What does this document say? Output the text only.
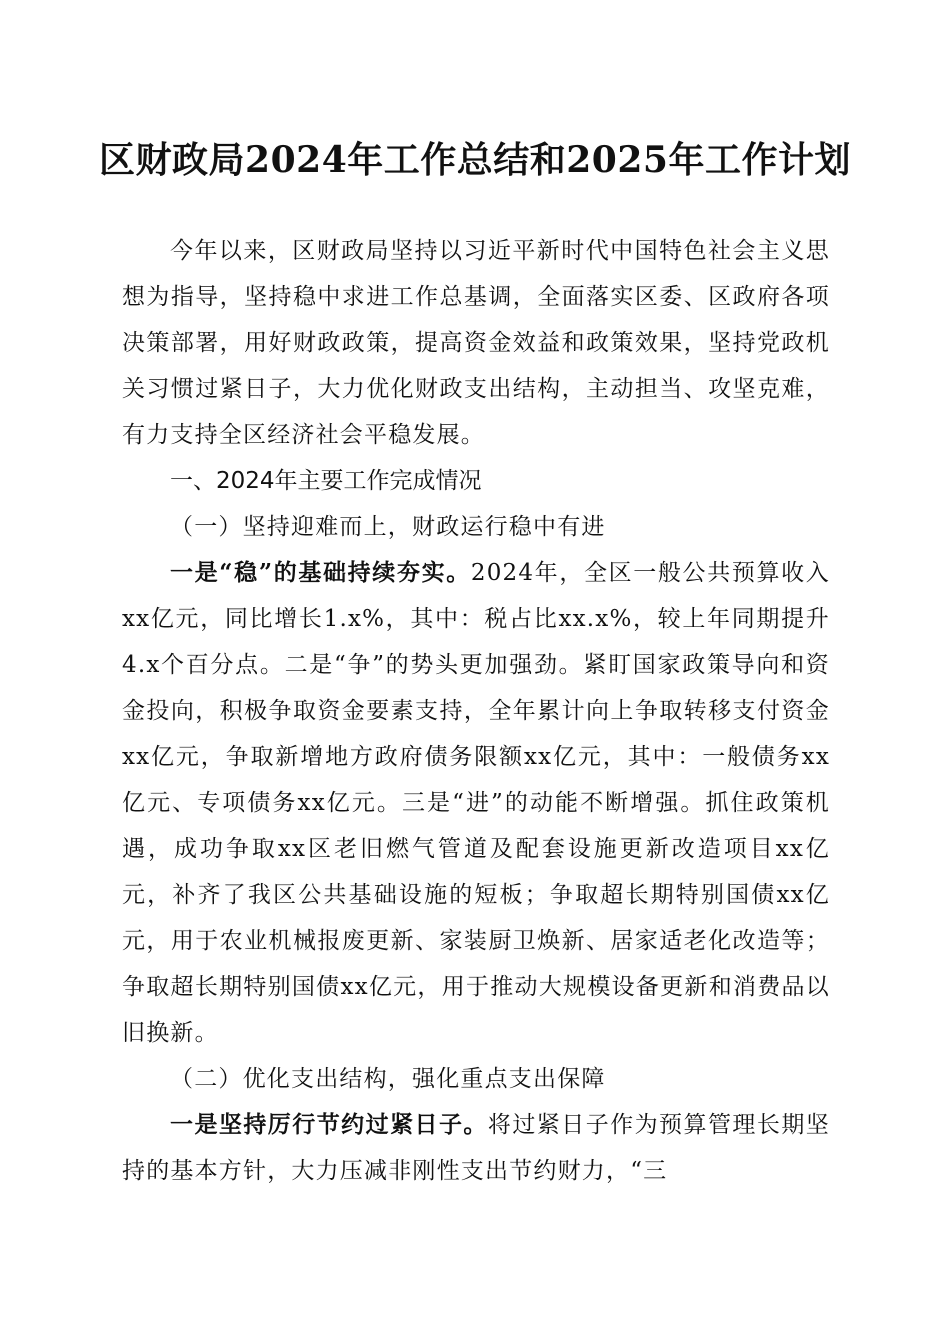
区财政局2024年工作总结和2025年工作计划

今年以来，区财政局坚持以习近平新时代中国特色社会主义思想为指导，坚持稳中求进工作总基调，全面落实区委、区政府各项决策部署，用好财政政策，提高资金效益和政策效果，坚持党政机关习惯过紧日子，大力优化财政支出结构，主动担当、攻坚克难，有力支持全区经济社会平稳发展。

一、2024年主要工作完成情况

（一）坚持迎难而上，财政运行稳中有进

一是“稳”的基础持续夯实。2024年，全区一般公共预算收入xx亿元，同比增长1.x%，其中：税占比xx.x%，较上年同期提升4.x个百分点。二是“争”的势头更加强劲。紧盯国家政策导向和资金投向，积极争取资金要素支持，全年累计向上争取转移支付资金xx亿元，争取新增地方政府债务限额xx亿元，其中：一般债务xx亿元、专项债务xx亿元。三是“进”的动能不断增强。抓住政策机遇，成功争取xx区老旧燃气管道及配套设施更新改造项目xx亿元，补齐了我区公共基础设施的短板；争取超长期特别国债xx亿元，用于农业机械报废更新、家装厨卫焕新、居家适老化改造等；争取超长期特别国债xx亿元，用于推动大规模设备更新和消费品以旧换新。

（二）优化支出结构，强化重点支出保障

一是坚持厉行节约过紧日子。将过紧日子作为预算管理长期坚持的基本方针，大力压减非刚性支出节约财力，“三
